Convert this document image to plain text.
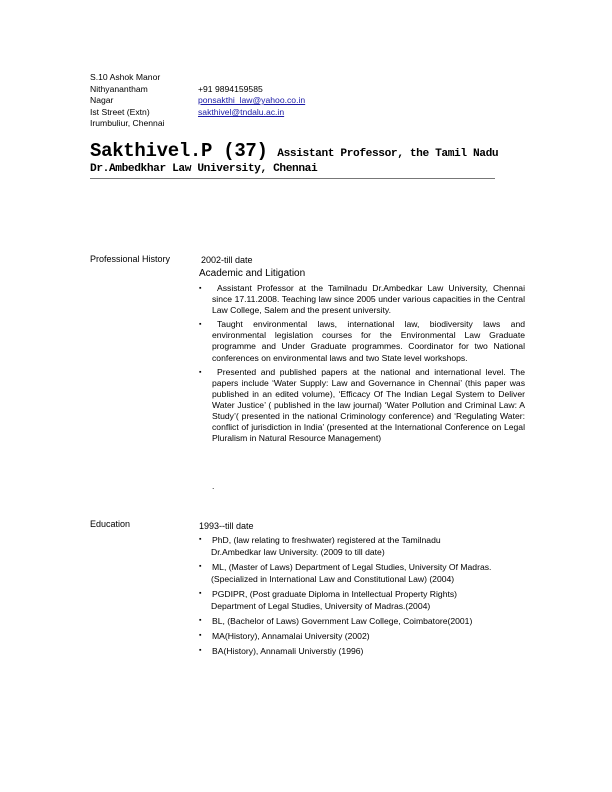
S.10 Ashok Manor
Nithyanantham
Nagar
Ist Street (Extn)
Irumbuliur, Chennai
+91 9894159585
ponsakthi_law@yahoo.co.in
sakthivel@tndalu.ac.in
Sakthivel.P (37) Assistant Professor, the Tamil Nadu
Dr.Ambedkhar Law University, Chennai
Professional History	2002-till date
Academic and Litigation
▪ Assistant Professor at the Tamilnadu Dr.Ambedkar Law University, Chennai since 17.11.2008. Teaching law since 2005 under various capacities in the Central Law College, Salem and the present university.
▪ Taught environmental laws, international law, biodiversity laws and environmental legislation courses for the Environmental Law Graduate programme and Under Graduate programmes. Coordinator for two National conferences on environmental laws and two State level workshops.
▪ Presented and published papers at the national and international level. The papers include ‘Water Supply: Law and Governance in Chennai’ (this paper was published in an edited volume), ‘Efficacy Of The Indian Legal System to Deliver Water Justice’ ( published in the law journal) ‘Water Pollution and Criminal Law: A Study’( presented in the national Criminology conference) and ‘Regulating Water: conflict of jurisdiction in India’ (presented at the International Conference on Legal Pluralism in Natural Resource Management)
.
Education	1993--till date
▪ PhD, (law relating to freshwater) registered at the Tamilnadu
Dr.Ambedkar law University. (2009 to till date)
▪ ML, (Master of Laws) Department of Legal Studies, University Of Madras.
(Specialized in International Law and Constitutional Law) (2004)
▪ PGDIPR, (Post graduate Diploma in Intellectual Property Rights)
Department of Legal Studies, University of Madras.(2004)
▪ BL, (Bachelor of Laws) Government Law College, Coimbatore(2001)
▪ MA(History), Annamalai University (2002)
▪ BA(History), Annamali Universtiy (1996)
